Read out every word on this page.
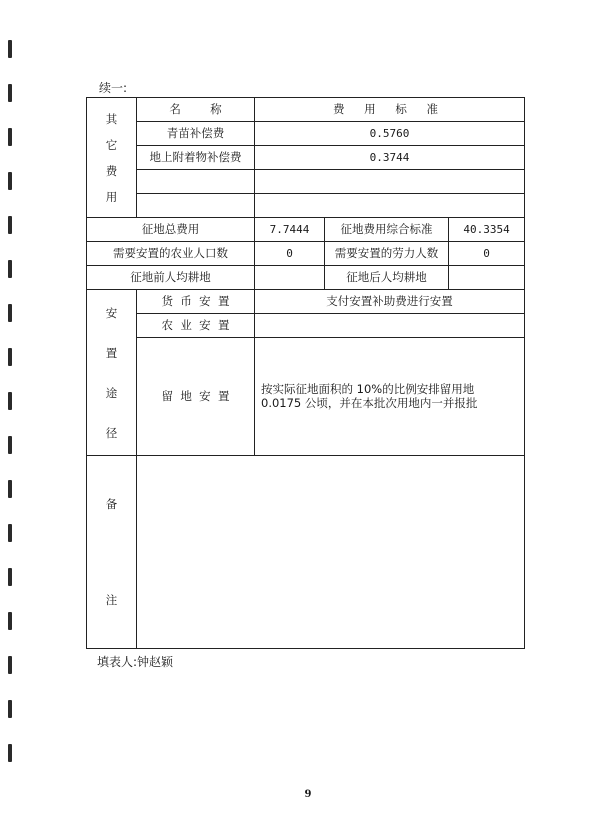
续一:
其
它
费
用	名        称	费 用 标 准		
	青苗补偿费	0.5760		
	地上附着物补偿费	0.3744		

征地总费用		7.7444	征地费用综合标准	40.3354
需要安置的农业人口数		0	需要安置的劳力人数	0
征地前人均耕地			征地后人均耕地	

安
置
途
径	货  币  安  置	支付安置补助费进行安置		
	农  业  安  置			
	留  地  安  置	按实际征地面积的 10%的比例安排留用地 0.0175 公顷，并在本批次用地内一并报批		

备
注				

填表人:钟赵颖
9
